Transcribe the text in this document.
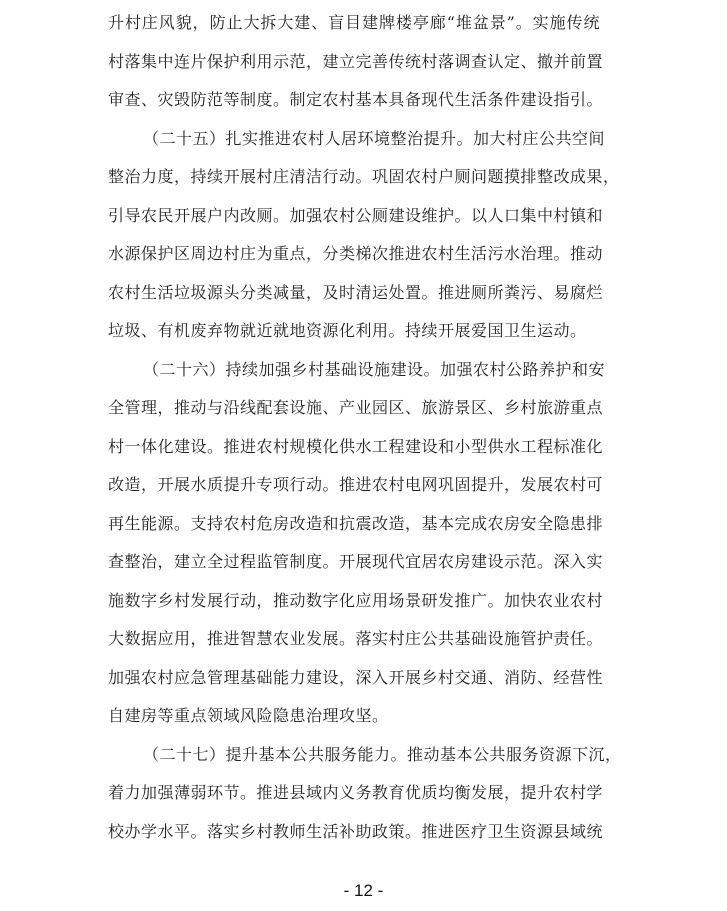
升村庄风貌，防止大拆大建、盲目建牌楼亭廊“堆盆景”。实施传统
村落集中连片保护利用示范，建立完善传统村落调查认定、撤并前置
审查、灾毁防范等制度。制定农村基本具备现代生活条件建设指引。
（二十五）扎实推进农村人居环境整治提升。加大村庄公共空间
整治力度，持续开展村庄清洁行动。巩固农村户厕问题摸排整改成果，
引导农民开展户内改厕。加强农村公厕建设维护。以人口集中村镇和
水源保护区周边村庄为重点，分类梯次推进农村生活污水治理。推动
农村生活垃圾源头分类减量，及时清运处置。推进厕所粪污、易腐烂
垃圾、有机废弃物就近就地资源化利用。持续开展爱国卫生运动。
（二十六）持续加强乡村基础设施建设。加强农村公路养护和安
全管理，推动与沿线配套设施、产业园区、旅游景区、乡村旅游重点
村一体化建设。推进农村规模化供水工程建设和小型供水工程标准化
改造，开展水质提升专项行动。推进农村电网巩固提升，发展农村可
再生能源。支持农村危房改造和抗震改造，基本完成农房安全隐患排
查整治，建立全过程监管制度。开展现代宜居农房建设示范。深入实
施数字乡村发展行动，推动数字化应用场景研发推广。加快农业农村
大数据应用，推进智慧农业发展。落实村庄公共基础设施管护责任。
加强农村应急管理基础能力建设，深入开展乡村交通、消防、经营性
自建房等重点领域风险隐患治理攻坚。
（二十七）提升基本公共服务能力。推动基本公共服务资源下沉，
着力加强薄弱环节。推进县域内义务教育优质均衡发展，提升农村学
校办学水平。落实乡村教师生活补助政策。推进医疗卫生资源县域统
- 12 -
